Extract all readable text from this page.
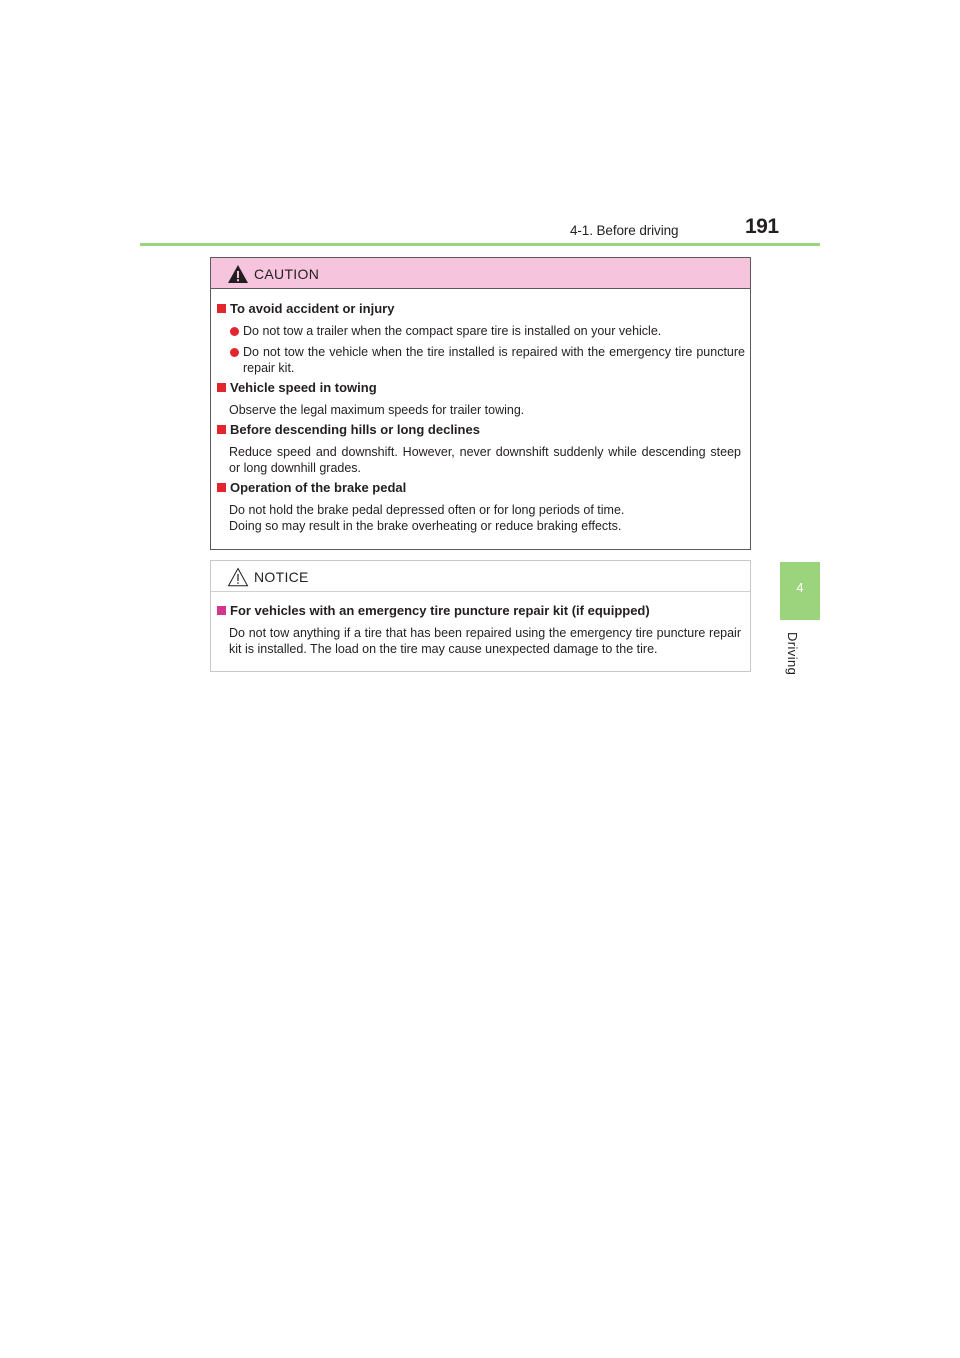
4-1. Before driving	191
4
Driving
CAUTION
To avoid accident or injury
Do not tow a trailer when the compact spare tire is installed on your vehicle.
Do not tow the vehicle when the tire installed is repaired with the emergency tire puncture repair kit.
Vehicle speed in towing
Observe the legal maximum speeds for trailer towing.
Before descending hills or long declines
Reduce speed and downshift. However, never downshift suddenly while descending steep or long downhill grades.
Operation of the brake pedal
Do not hold the brake pedal depressed often or for long periods of time. Doing so may result in the brake overheating or reduce braking effects.
NOTICE
For vehicles with an emergency tire puncture repair kit (if equipped)
Do not tow anything if a tire that has been repaired using the emergency tire puncture repair kit is installed. The load on the tire may cause unexpected damage to the tire.
